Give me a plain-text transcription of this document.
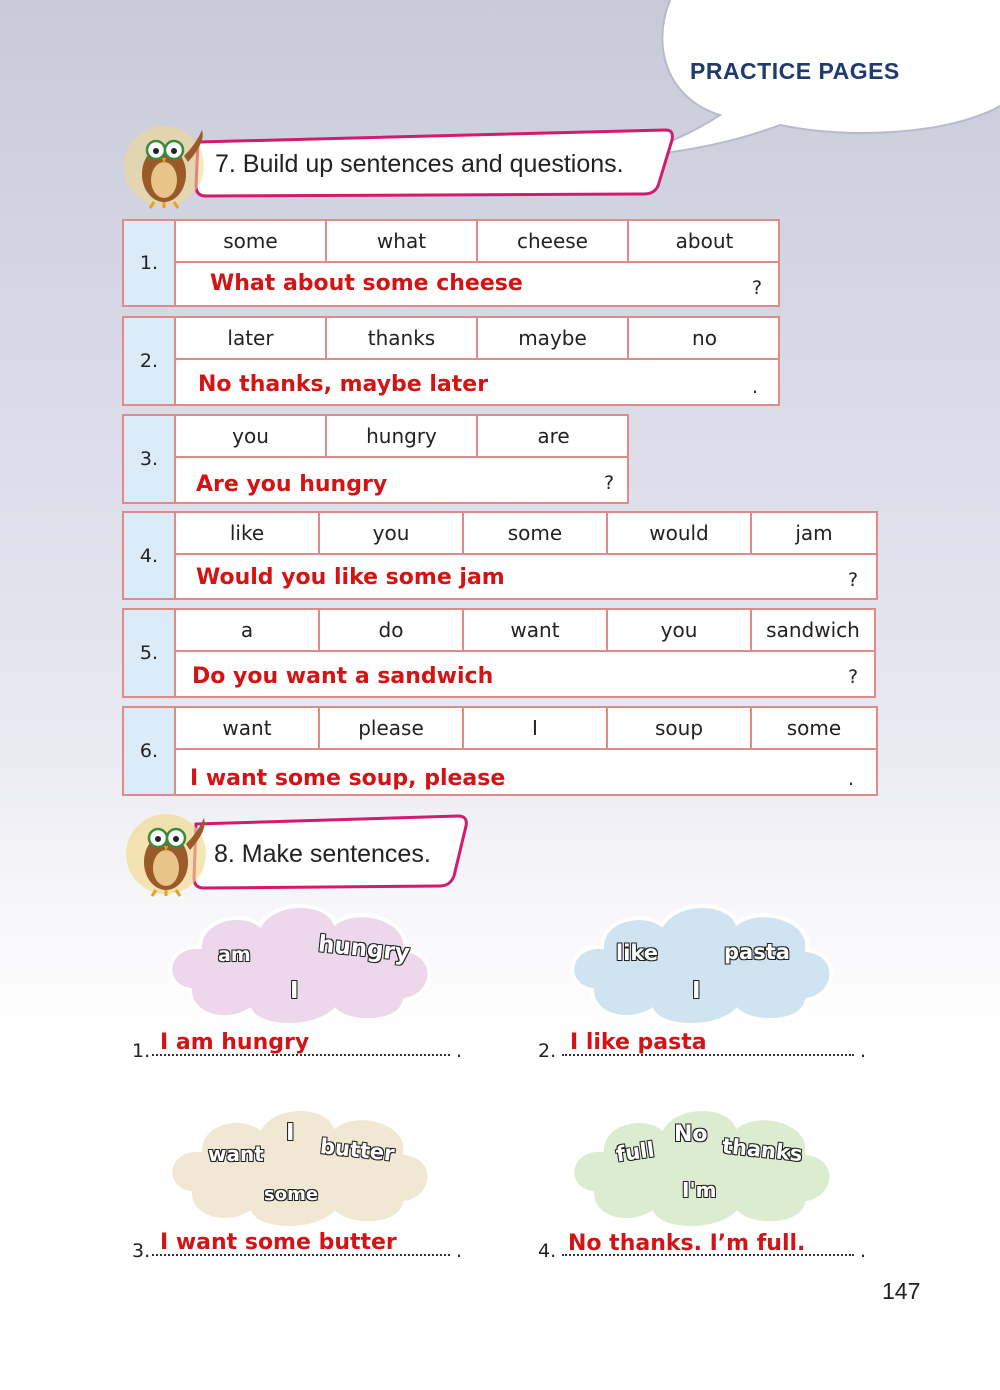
PRACTICE PAGES
7. Build up sentences and questions.
1.
some	what	cheese	about
What about some cheese	?
2.
later	thanks	maybe	no
No thanks, maybe later	.
3.
you	hungry	are
Are you hungry	?
4.
like	you	some	would	jam
Would you like some jam	?
5.
a	do	want	you	sandwich
Do you want a sandwich	?
6.
want	please	I	soup	some
I want some soup, please	.
8. Make sentences.
am	hungry
I
like	pasta
I
want
I
butter
some
full
No thanks
I'm
1. I am hungry	.	2. I like pasta	.
3. I want some butter	.	4. No thanks. I’m full.	.
147
